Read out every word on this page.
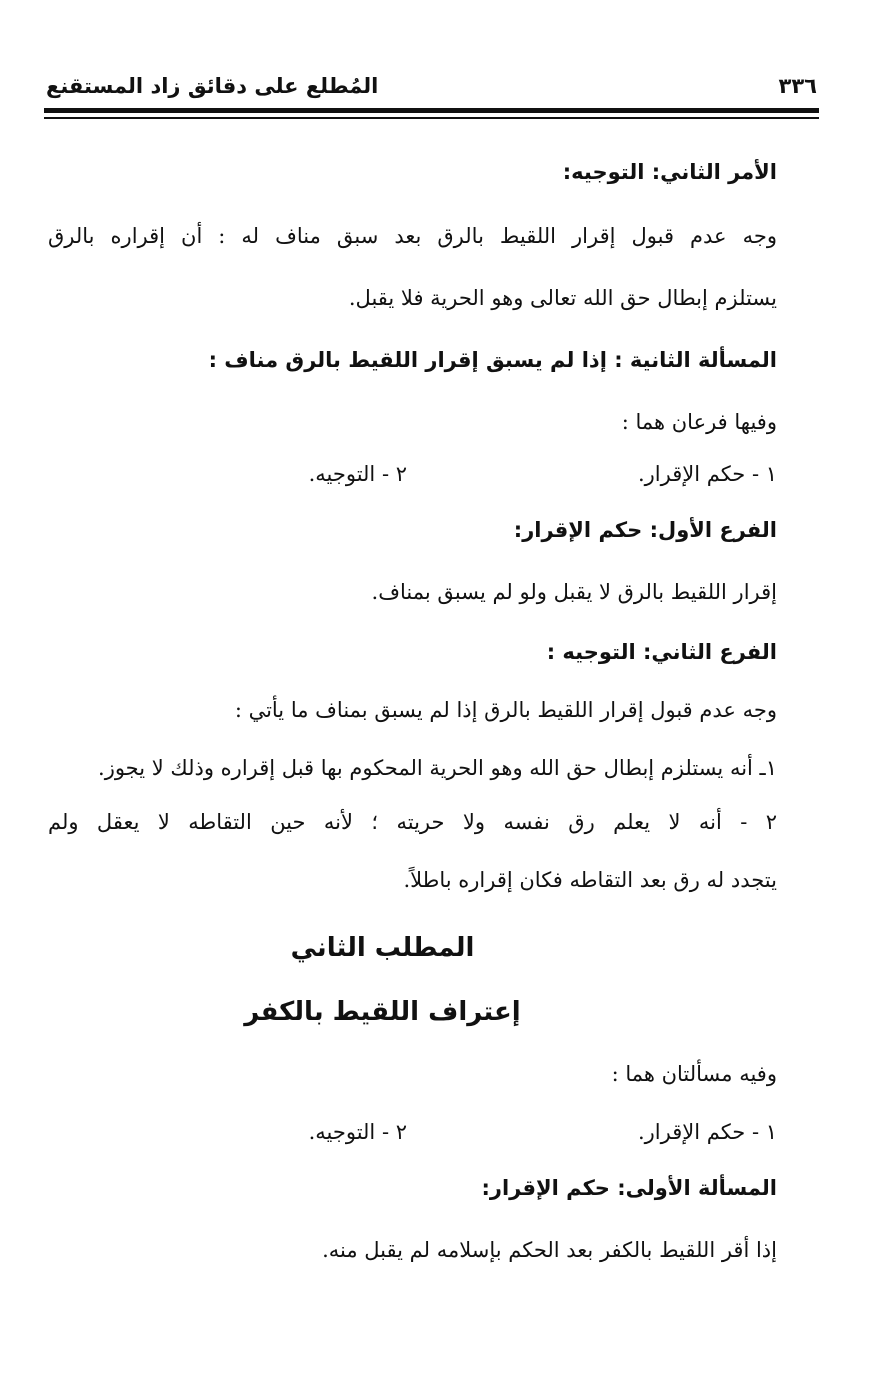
٣٣٦
المُطلع على دقائق زاد المستقنع
الأمر الثاني: التوجيه:
وجه عدم قبول إقرار اللقيط بالرق بعد سبق مناف له : أن إقراره بالرق
يستلزم إبطال حق الله تعالى وهو الحرية فلا يقبل.
المسألة الثانية : إذا لم يسبق إقرار اللقيط بالرق مناف :
وفيها فرعان هما :
١ - حكم الإقرار.
٢ - التوجيه.
الفرع الأول: حكم الإقرار:
إقرار اللقيط بالرق لا يقبل ولو لم يسبق بمناف.
الفرع الثاني: التوجيه :
وجه عدم قبول إقرار اللقيط بالرق إذا لم يسبق بمناف ما يأتي :
١ـ أنه يستلزم إبطال حق الله وهو الحرية المحكوم بها قبل إقراره وذلك لا يجوز.
٢ - أنه لا يعلم رق نفسه ولا حريته ؛ لأنه حين التقاطه لا يعقل ولم
يتجدد له رق بعد التقاطه فكان إقراره باطلاً.
المطلب الثاني
إعتراف اللقيط بالكفر
وفيه مسألتان هما :
١ - حكم الإقرار.
٢ - التوجيه.
المسألة الأولى: حكم الإقرار:
إذا أقر اللقيط بالكفر بعد الحكم بإسلامه لم يقبل منه.
